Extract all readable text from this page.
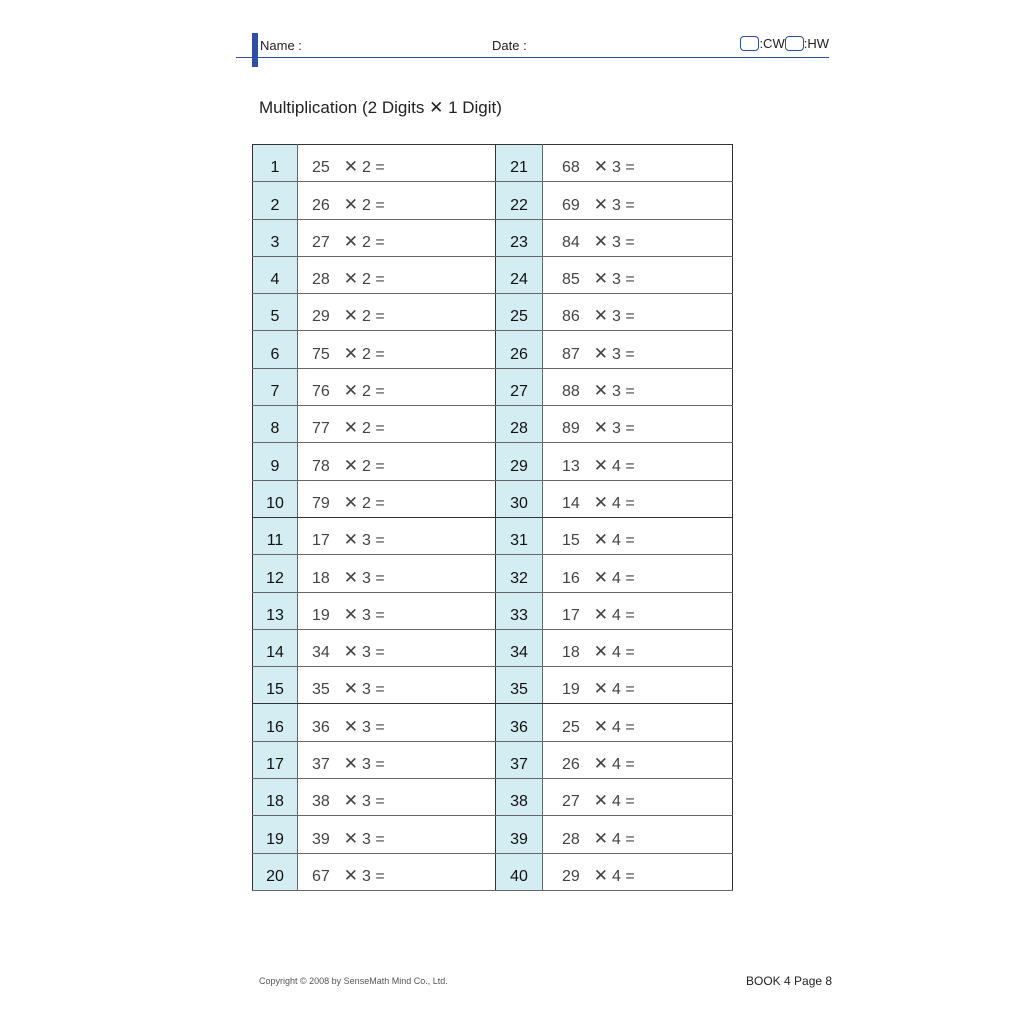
Name :	Date :	:CW :HW
Multiplication (2 Digits ✕ 1 Digit)
1	25 ✕ 2 =	21	68 ✕ 3 =
2	26 ✕ 2 =	22	69 ✕ 3 =
3	27 ✕ 2 =	23	84 ✕ 3 =
4	28 ✕ 2 =	24	85 ✕ 3 =
5	29 ✕ 2 =	25	86 ✕ 3 =
6	75 ✕ 2 =	26	87 ✕ 3 =
7	76 ✕ 2 =	27	88 ✕ 3 =
8	77 ✕ 2 =	28	89 ✕ 3 =
9	78 ✕ 2 =	29	13 ✕ 4 =
10	79 ✕ 2 =	30	14 ✕ 4 =
11	17 ✕ 3 =	31	15 ✕ 4 =
12	18 ✕ 3 =	32	16 ✕ 4 =
13	19 ✕ 3 =	33	17 ✕ 4 =
14	34 ✕ 3 =	34	18 ✕ 4 =
15	35 ✕ 3 =	35	19 ✕ 4 =
16	36 ✕ 3 =	36	25 ✕ 4 =
17	37 ✕ 3 =	37	26 ✕ 4 =
18	38 ✕ 3 =	38	27 ✕ 4 =
19	39 ✕ 3 =	39	28 ✕ 4 =
20	67 ✕ 3 =	40	29 ✕ 4 =
Copyright © 2008 by SenseMath Mind Co., Ltd.	BOOK 4 Page 8
